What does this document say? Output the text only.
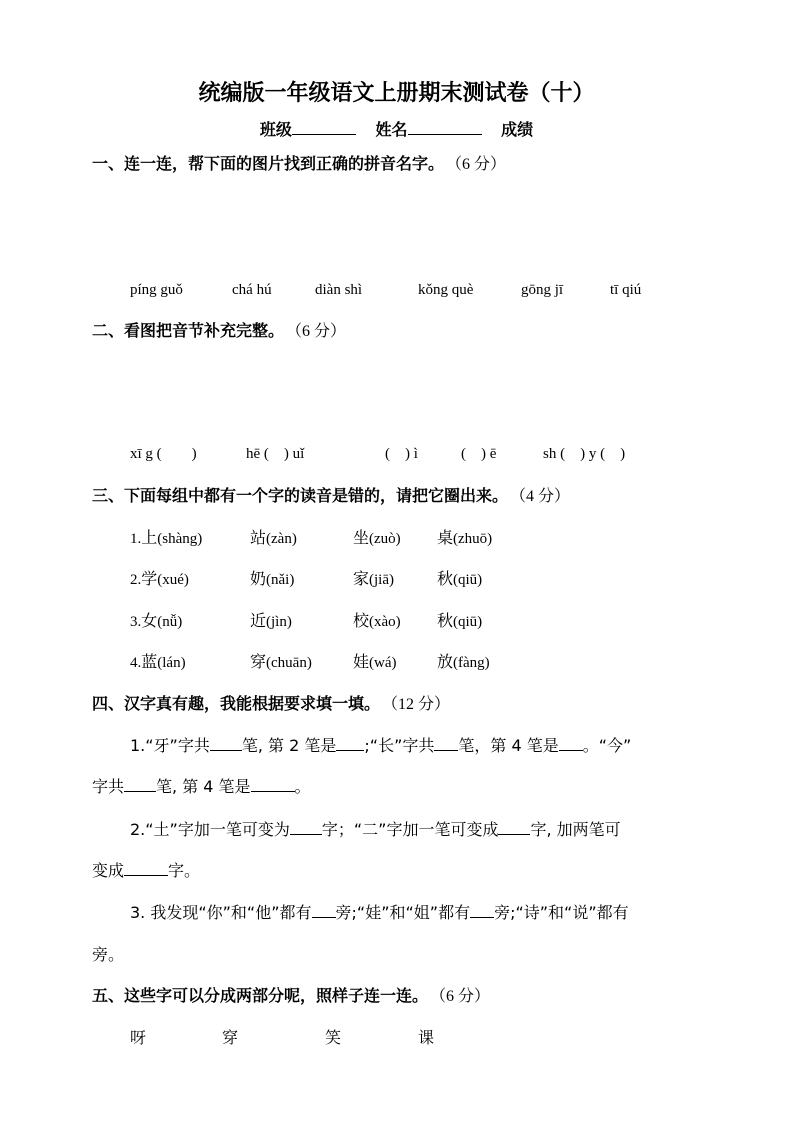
统编版一年级语文上册期末测试卷（十）
班级	姓名	成绩
一、连一连，帮下面的图片找到正确的拼音名字。 （6 分）
píng guǒ	chá hú	diàn shì	kǒng què	gōng jī	tī qiú
二、看图把音节补充完整。 （6 分）
xī g (　　)	hē (　) uǐ	(　) ì	(　) ē	sh (　) y (　)
三、下面每组中都有一个字的读音是错的，请把它圈出来。 （4 分）
1.上(shàng)	站(zàn)	坐(zuò) 桌(zhuō)
2.学(xué)	奶(nǎi)	家(jiā)	秋(qiū)
3.女(nǚ)	近(jìn)	校(xào) 秋(qiū)
4.蓝(lán)	穿(chuān)	娃(wá)	放(fàng)
四、汉字真有趣，我能根据要求填一填。 （12 分）
1.“牙”字共 笔, 第 2 笔是 ;“长”字共 笔，第 4 笔是 。“今”
字共 笔, 第 4 笔是	。
2.“土”字加一笔可变为 字；“二”字加一笔可变成 字, 加两笔可
变成	字。
3. 我发现“你”和“他”都有 旁;“娃”和“姐”都有 旁;“诗”和“说”都有
旁。
五、这些字可以分成两部分呢，照样子连一连。 （6 分）
呀	穿	笑	课
